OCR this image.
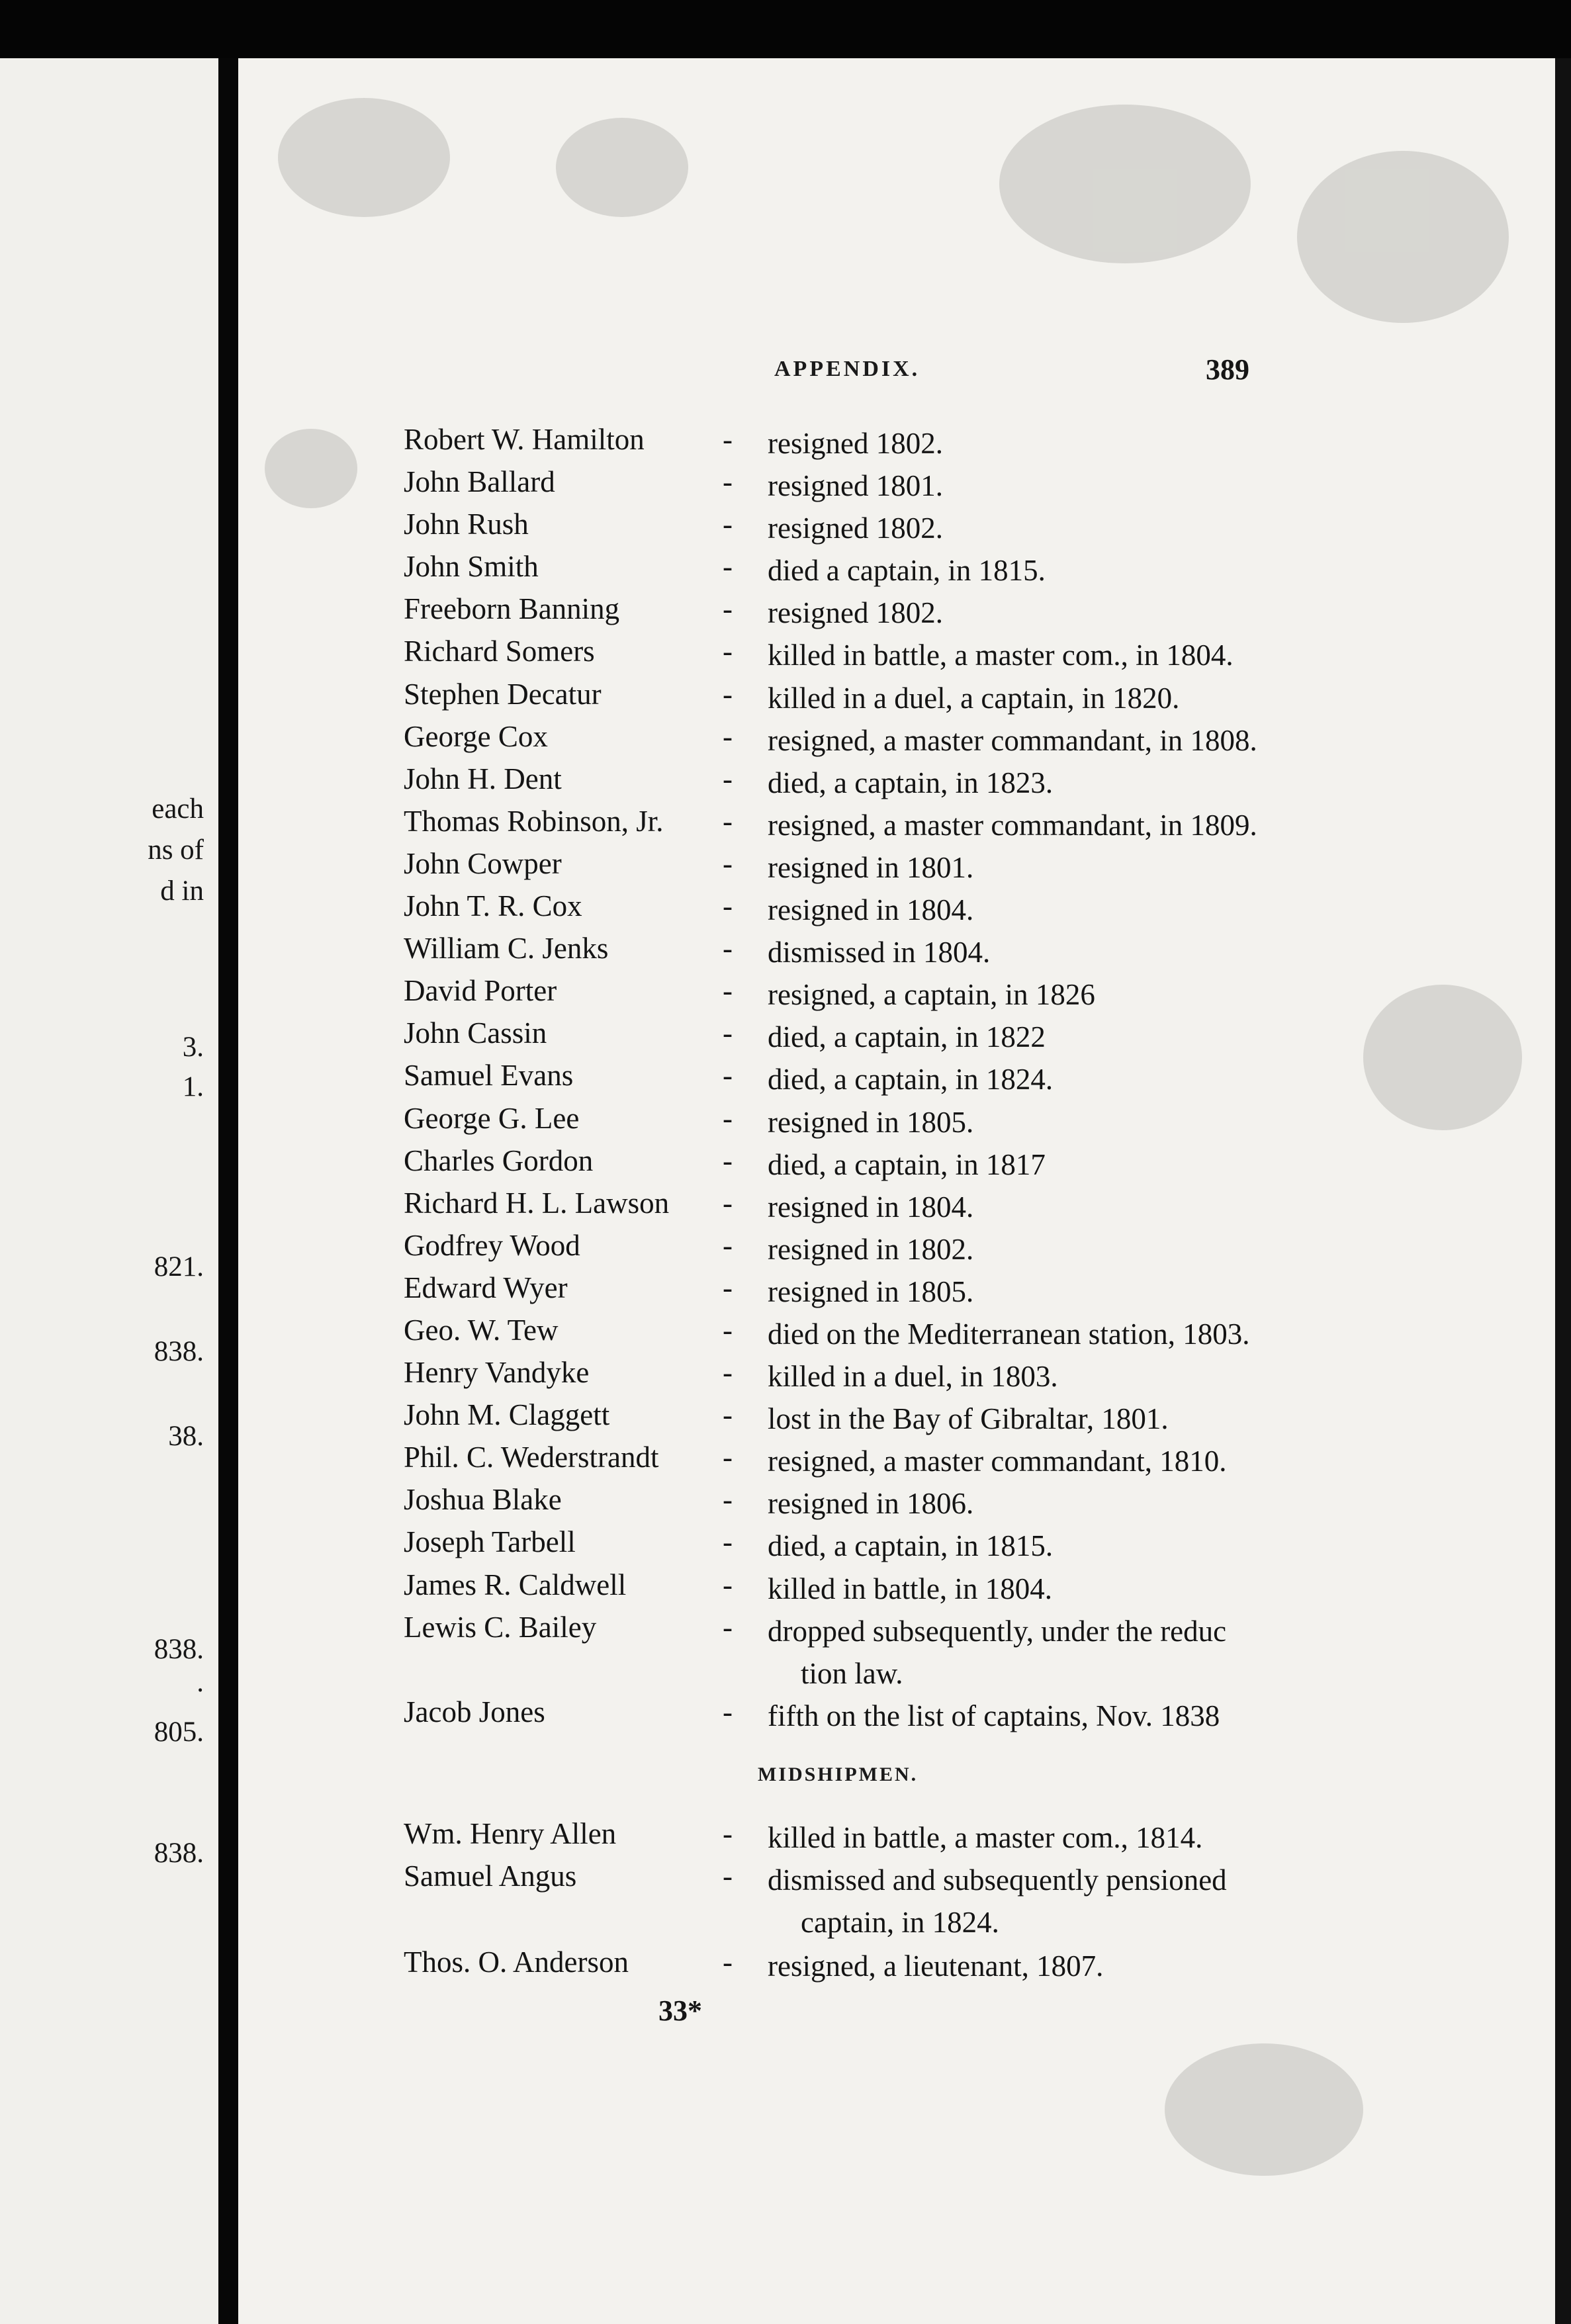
each
ns of
d in
3.
1.
821.
838.
38.
838.
.
805.
838.
APPENDIX.	389
Robert W. Hamilton	- resigned 1802.
John Ballard	- resigned 1801.
John Rush	- resigned 1802.
John Smith	- died a captain, in 1815.
Freeborn Banning	- resigned 1802.
Richard Somers	- killed in battle, a master com., in 1804.
Stephen Decatur	- killed in a duel, a captain, in 1820.
George Cox	- resigned, a master commandant, in 1808.
John H. Dent	- died, a captain, in 1823.
Thomas Robinson, Jr. - resigned, a master commandant, in 1809.
John Cowper	- resigned in 1801.
John T. R. Cox	- resigned in 1804.
William C. Jenks	- dismissed in 1804.
David Porter	- resigned, a captain, in 1826
John Cassin	- died, a captain, in 1822
Samuel Evans	- died, a captain, in 1824.
George G. Lee	- resigned in 1805.
Charles Gordon	- died, a captain, in 1817
Richard H. L. Lawson - resigned in 1804.
Godfrey Wood	- resigned in 1802.
Edward Wyer	- resigned in 1805.
Geo. W. Tew	- died on the Mediterranean station, 1803.
Henry Vandyke	- killed in a duel, in 1803.
John M. Claggett	- lost in the Bay of Gibraltar, 1801.
Phil. C. Wederstrandt - resigned, a master commandant, 1810.
Joshua Blake	- resigned in 1806.
Joseph Tarbell	- died, a captain, in 1815.
James R. Caldwell	- killed in battle, in 1804.
Lewis C. Bailey	- dropped subsequently, under the reduc
tion law.
Jacob Jones	- fifth on the list of captains, Nov. 1838
MIDSHIPMEN.
Wm. Henry Allen	- killed in battle, a master com., 1814.
Samuel Angus	- dismissed and subsequently pensioned
captain, in 1824.
Thos. O. Anderson	- resigned, a lieutenant, 1807.
33*
